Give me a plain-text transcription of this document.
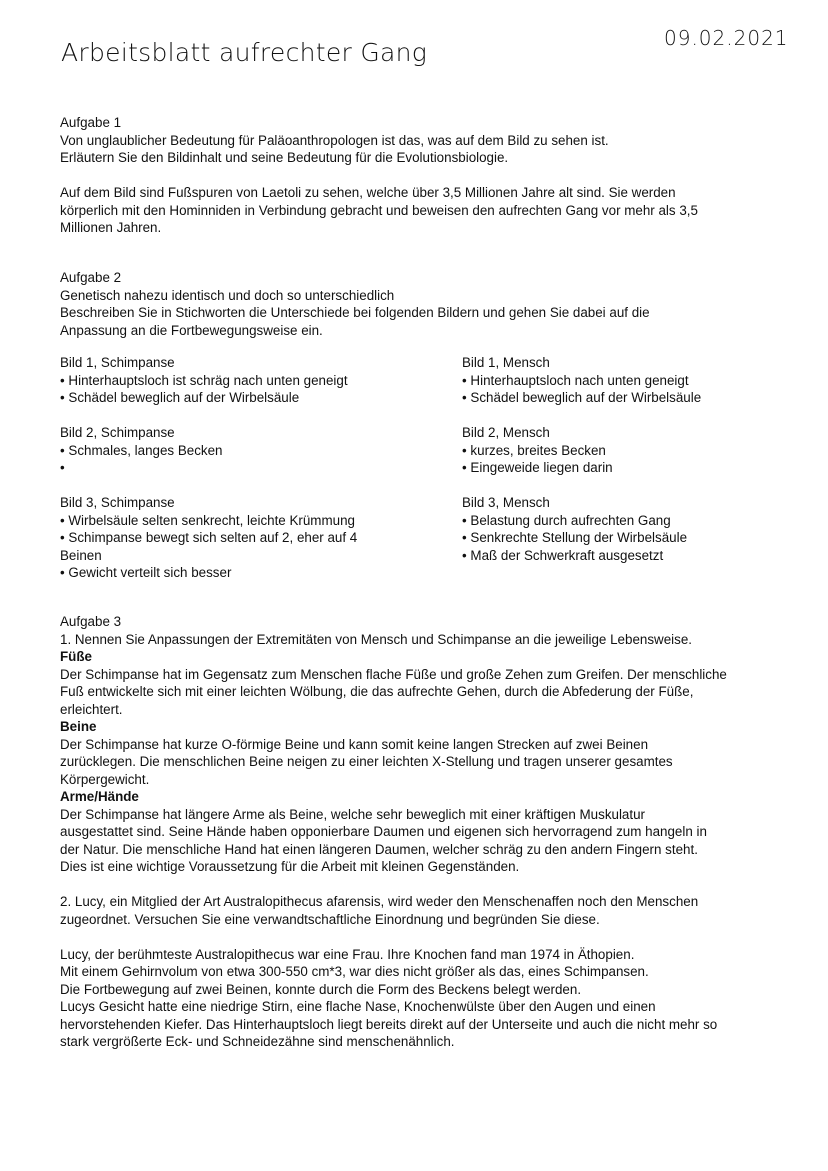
Arbeitsblatt aufrechter Gang	09.02.2021

Aufgabe 1

Von unglaublicher Bedeutung für Paläoanthropologen ist das, was auf dem Bild zu sehen ist.

Erläutern Sie den Bildinhalt und seine Bedeutung für die Evolutionsbiologie.

Auf dem Bild sind Fußspuren von Laetoli zu sehen, welche über 3,5 Millionen Jahre alt sind. Sie werden

körperlich mit den Hominniden in Verbindung gebracht und beweisen den aufrechten Gang vor mehr als 3,5

Millionen Jahren.

Aufgabe 2

Genetisch nahezu identisch und doch so unterschiedlich

Beschreiben Sie in Stichworten die Unterschiede bei folgenden Bildern und gehen Sie dabei auf die

Anpassung an die Fortbewegungsweise ein.

Bild 1, Schimpanse

• Hinterhauptsloch ist schräg nach unten geneigt

• Schädel beweglich auf der Wirbelsäule

Bild 2, Schimpanse

• Schmales, langes Becken

•

Bild 3, Schimpanse

• Wirbelsäule selten senkrecht, leichte Krümmung

• Schimpanse bewegt sich selten auf 2, eher auf 4

Beinen

• Gewicht verteilt sich besser

Bild 1, Mensch

• Hinterhauptsloch nach unten geneigt

• Schädel beweglich auf der Wirbelsäule

Bild 2, Mensch

• kurzes, breites Becken

• Eingeweide liegen darin

Bild 3, Mensch

• Belastung durch aufrechten Gang

• Senkrechte Stellung der Wirbelsäule

• Maß der Schwerkraft ausgesetzt

Aufgabe 3

1. Nennen Sie Anpassungen der Extremitäten von Mensch und Schimpanse an die jeweilige Lebensweise.

Füße

Der Schimpanse hat im Gegensatz zum Menschen flache Füße und große Zehen zum Greifen. Der menschliche

Fuß entwickelte sich mit einer leichten Wölbung, die das aufrechte Gehen, durch die Abfederung der Füße,

erleichtert.

Beine

Der Schimpanse hat kurze O-förmige Beine und kann somit keine langen Strecken auf zwei Beinen

zurücklegen. Die menschlichen Beine neigen zu einer leichten X-Stellung und tragen unserer gesamtes

Körpergewicht.

Arme/Hände

Der Schimpanse hat längere Arme als Beine, welche sehr beweglich mit einer kräftigen Muskulatur

ausgestattet sind. Seine Hände haben opponierbare Daumen und eigenen sich hervorragend zum hangeln in

der Natur. Die menschliche Hand hat einen längeren Daumen, welcher schräg zu den andern Fingern steht.

Dies ist eine wichtige Voraussetzung für die Arbeit mit kleinen Gegenständen.

2. Lucy, ein Mitglied der Art Australopithecus afarensis, wird weder den Menschenaffen noch den Menschen

zugeordnet. Versuchen Sie eine verwandtschaftliche Einordnung und begründen Sie diese.

Lucy, der berühmteste Australopithecus war eine Frau. Ihre Knochen fand man 1974 in Äthopien.

Mit einem Gehirnvolum von etwa 300-550 cm*3, war dies nicht größer als das, eines Schimpansen.

Die Fortbewegung auf zwei Beinen, konnte durch die Form des Beckens belegt werden.

Lucys Gesicht hatte eine niedrige Stirn, eine flache Nase, Knochenwülste über den Augen und einen

hervorstehenden Kiefer. Das Hinterhauptsloch liegt bereits direkt auf der Unterseite und auch die nicht mehr so

stark vergrößerte Eck- und Schneidezähne sind menschenähnlich.
